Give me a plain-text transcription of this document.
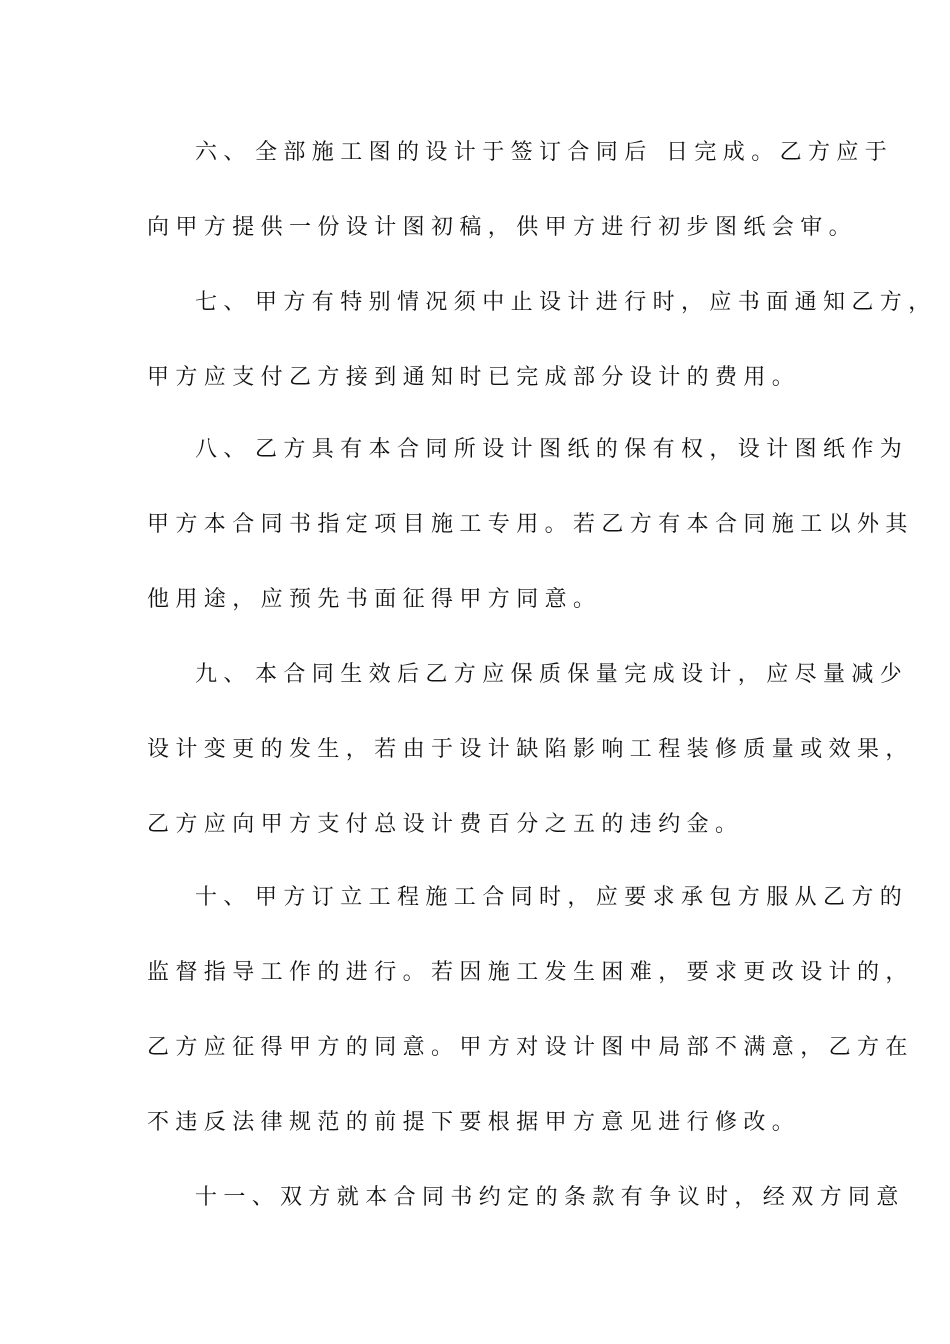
六、 全部施工图的设计于签订合同后 日完成。乙方应于
向甲方提供一份设计图初稿，供甲方进行初步图纸会审。
七、 甲方有特别情况须中止设计进行时，应书面通知乙方，
甲方应支付乙方接到通知时已完成部分设计的费用。
八、 乙方具有本合同所设计图纸的保有权，设计图纸作为
甲方本合同书指定项目施工专用。若乙方有本合同施工以外其
他用途，应预先书面征得甲方同意。
九、 本合同生效后乙方应保质保量完成设计，应尽量减少
设计变更的发生，若由于设计缺陷影响工程装修质量或效果，
乙方应向甲方支付总设计费百分之五的违约金。
十、 甲方订立工程施工合同时，应要求承包方服从乙方的
监督指导工作的进行。若因施工发生困难，要求更改设计的，
乙方应征得甲方的同意。甲方对设计图中局部不满意，乙方在
不违反法律规范的前提下要根据甲方意见进行修改。
十一、双方就本合同书约定的条款有争议时，经双方同意
